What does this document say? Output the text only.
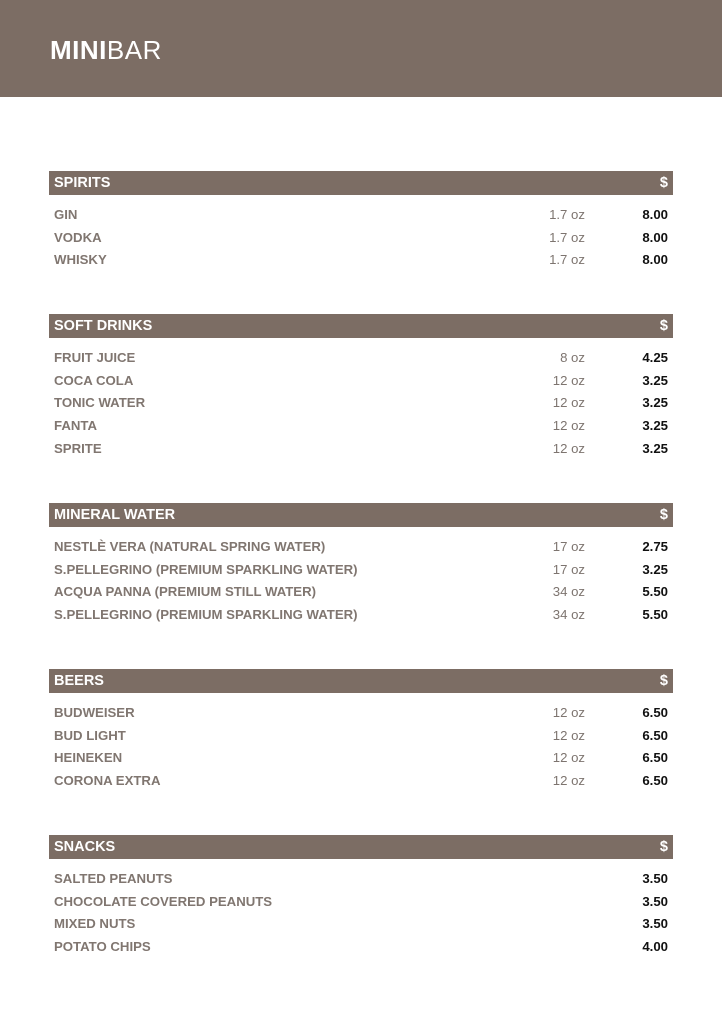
MINIBAR
SPIRITS	$
GIN	1.7 oz	8.00
VODKA	1.7 oz	8.00
WHISKY	1.7 oz	8.00
SOFT DRINKS	$
FRUIT JUICE	8 oz	4.25
COCA COLA	12 oz	3.25
TONIC WATER	12 oz	3.25
FANTA	12 oz	3.25
SPRITE	12 oz	3.25
MINERAL WATER	$
NESTLÈ VERA (NATURAL SPRING WATER)	17 oz	2.75
S.PELLEGRINO (PREMIUM SPARKLING WATER)	17 oz	3.25
ACQUA PANNA (PREMIUM STILL WATER)	34 oz	5.50
S.PELLEGRINO (PREMIUM SPARKLING WATER)	34 oz	5.50
BEERS	$
BUDWEISER	12 oz	6.50
BUD LIGHT	12 oz	6.50
HEINEKEN	12 oz	6.50
CORONA EXTRA	12 oz	6.50
SNACKS	$
SALTED PEANUTS	3.50
CHOCOLATE COVERED PEANUTS	3.50
MIXED NUTS	3.50
POTATO CHIPS	4.00
